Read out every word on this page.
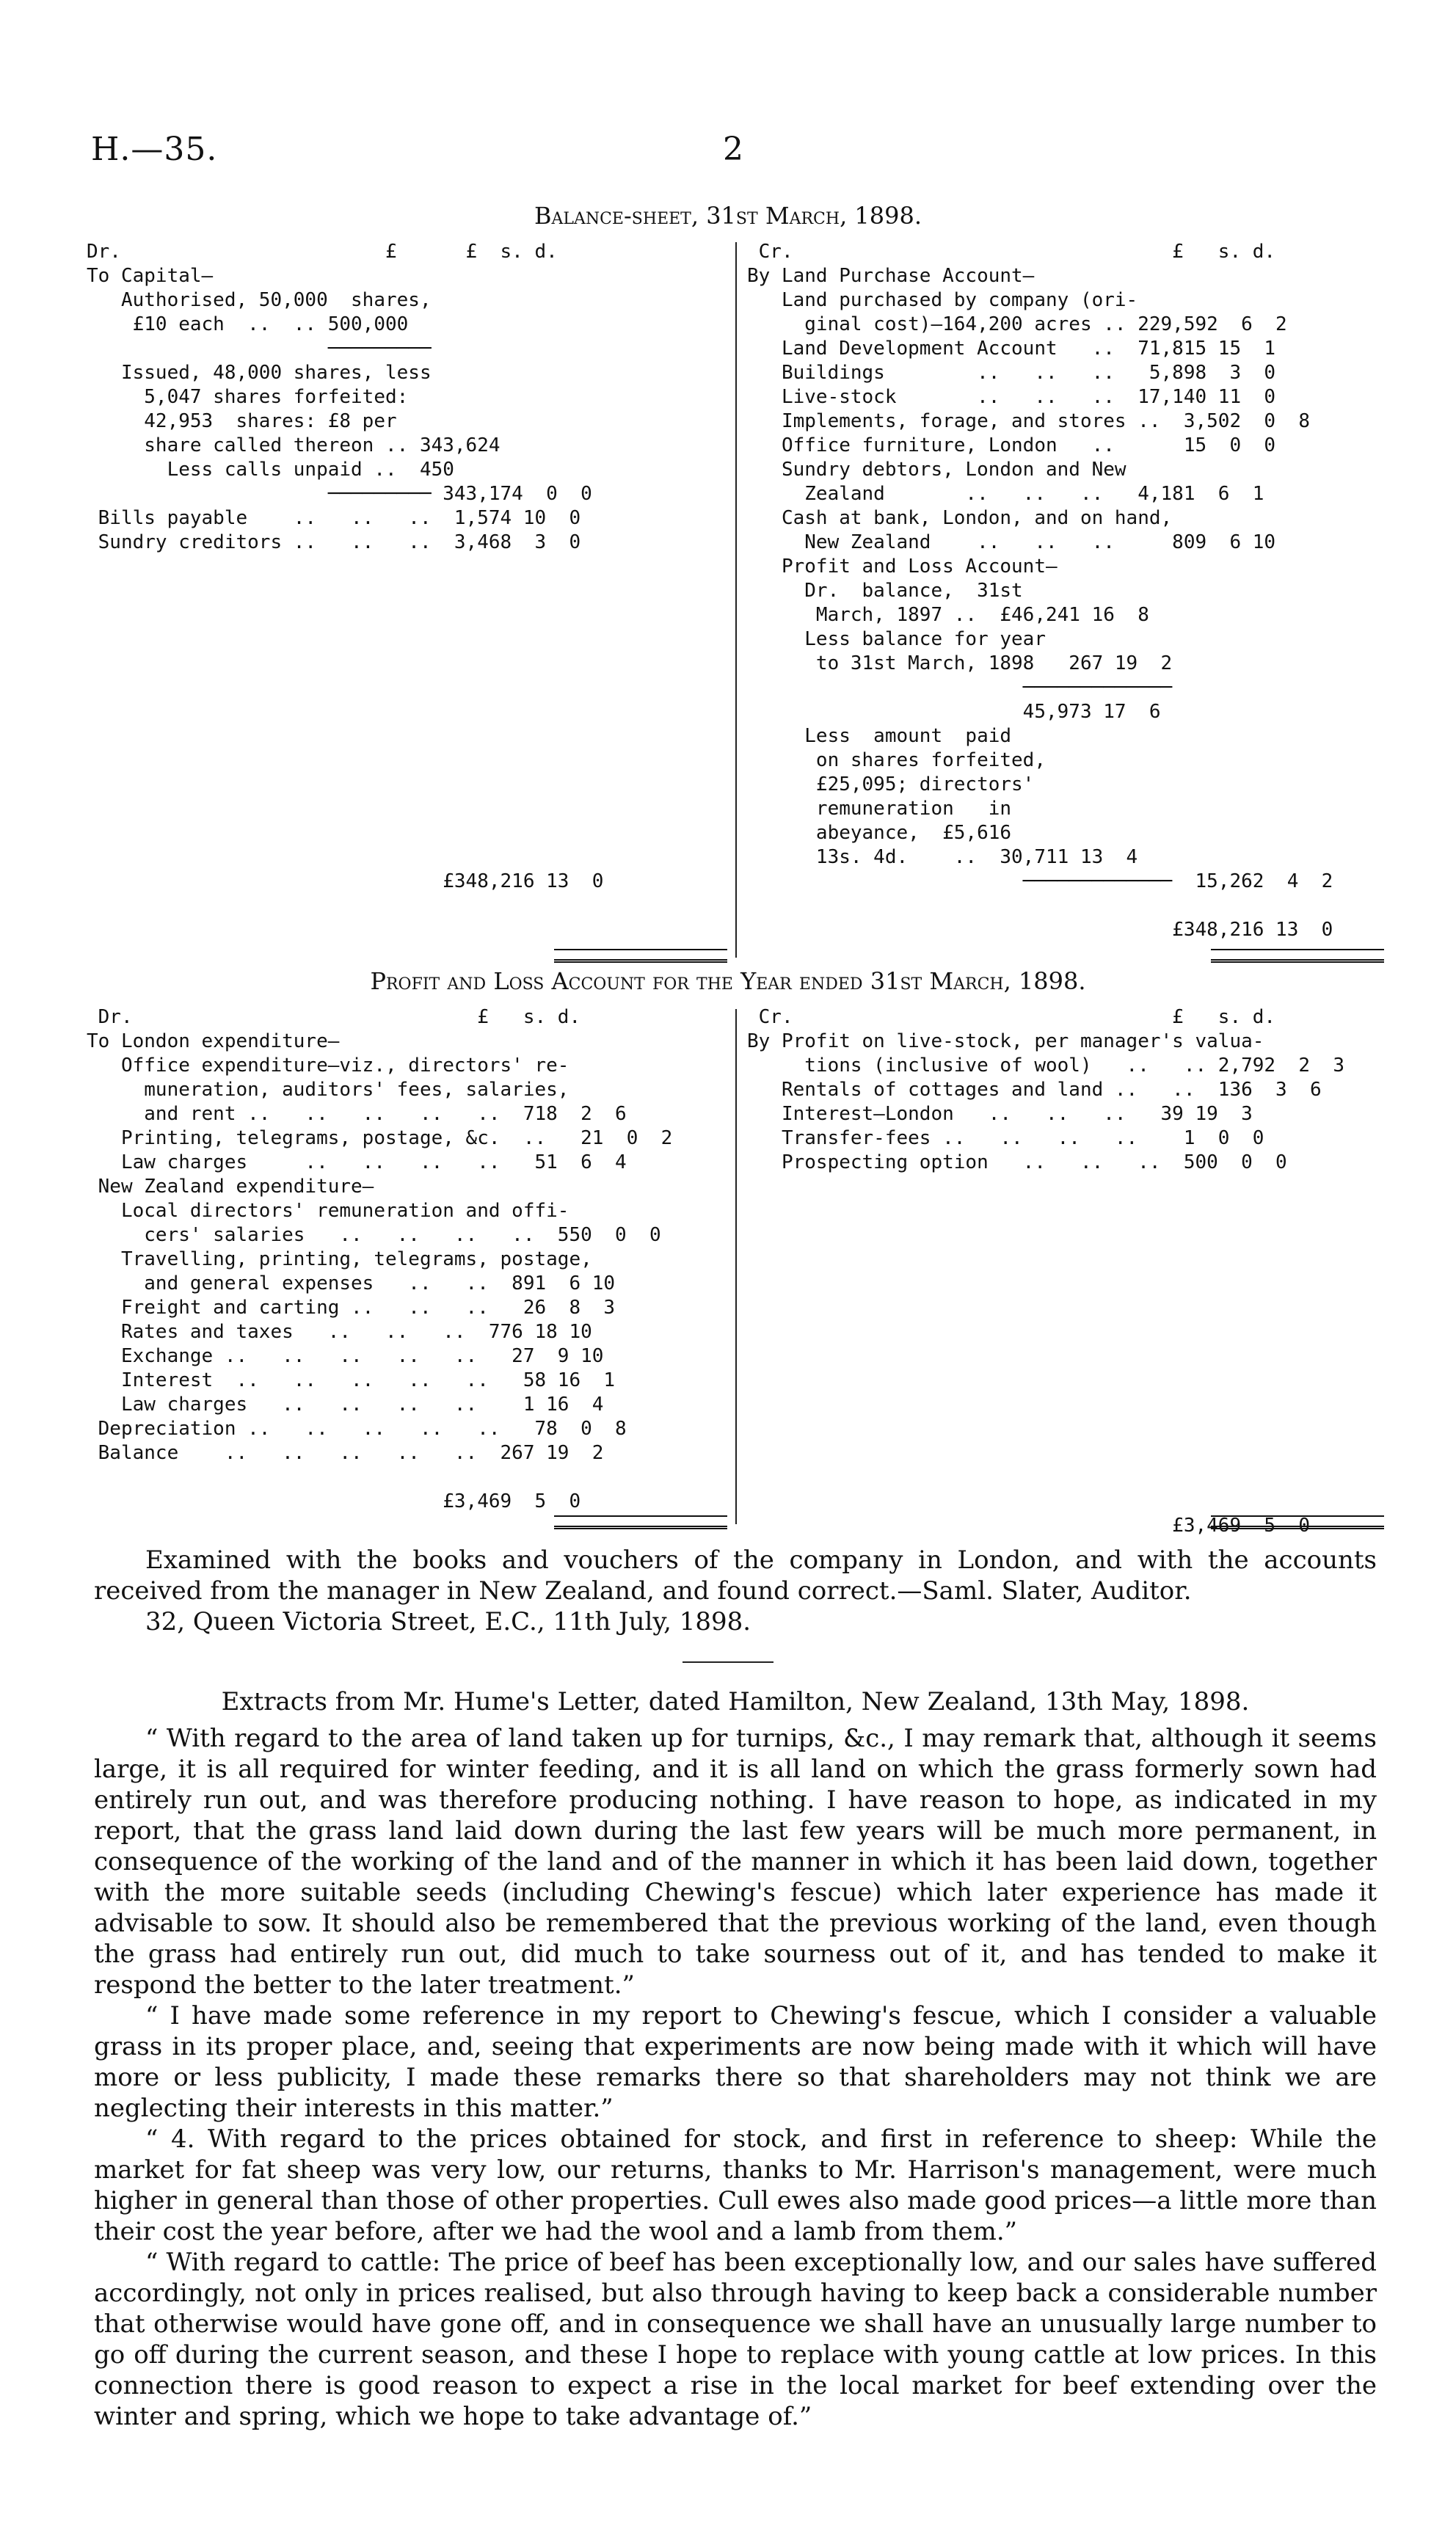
H.—35.	2
Balance-sheet, 31st March, 1898.
Dr.                       £      £  s. d.
To Capital—
Authorised, 50,000  shares,
£10 each  ..  .. 500,000
─────────
Issued, 48,000 shares, less
5,047 shares forfeited:
42,953  shares: £8 per
share called thereon .. 343,624
Less calls unpaid ..  450
───────── 343,174  0  0
Bills payable    ..   ..   ..  1,574 10  0
Sundry creditors ..   ..   ..  3,468  3  0

£348,216 13  0
Cr.                                 £   s. d.
By Land Purchase Account—
Land purchased by company (ori-
ginal cost)—164,200 acres .. 229,592  6  2
Land Development Account   ..  71,815 15  1
Buildings        ..   ..   ..   5,898  3  0
Live-stock       ..   ..   ..  17,140 11  0
Implements, forage, and stores ..  3,502  0  8
Office furniture, London   ..      15  0  0
Sundry debtors, London and New
Zealand       ..   ..   ..   4,181  6  1
Cash at bank, London, and on hand,
New Zealand    ..   ..   ..     809  6 10
Profit and Loss Account—
Dr.  balance,  31st
March, 1897 ..  £46,241 16  8
Less balance for year
to 31st March, 1898   267 19  2
─────────────
45,973 17  6
Less  amount  paid
on shares forfeited,
£25,095; directors'
remuneration   in
abeyance,  £5,616
13s. 4d.    ..  30,711 13  4
─────────────  15,262  4  2

£348,216 13  0
Profit and Loss Account for the Year ended 31st March, 1898.
Dr.                              £   s. d.
To London expenditure—
Office expenditure—viz., directors' re-
muneration, auditors' fees, salaries,
and rent ..   ..   ..   ..   ..  718  2  6
Printing, telegrams, postage, &c.  ..   21  0  2
Law charges     ..   ..   ..   ..   51  6  4
New Zealand expenditure—
Local directors' remuneration and offi-
cers' salaries   ..   ..   ..   ..  550  0  0
Travelling, printing, telegrams, postage,
and general expenses   ..   ..  891  6 10
Freight and carting ..   ..   ..   26  8  3
Rates and taxes   ..   ..   ..  776 18 10
Exchange ..   ..   ..   ..   ..   27  9 10
Interest  ..   ..   ..   ..   ..   58 16  1
Law charges   ..   ..   ..   ..    1 16  4
Depreciation ..   ..   ..   ..   ..   78  0  8
Balance    ..   ..   ..   ..   ..  267 19  2

£3,469  5  0
Cr.                                 £   s. d.
By Profit on live-stock, per manager's valua-
tions (inclusive of wool)   ..   .. 2,792  2  3
Rentals of cottages and land ..   ..  136  3  6
Interest—London   ..   ..   ..   39 19  3
Transfer-fees ..   ..   ..   ..    1  0  0
Prospecting option   ..   ..   ..  500  0  0

£3,469  5  0

Examined with the books and vouchers of the company in London, and with the accounts received from the manager in New Zealand, and found correct.—Saml. Slater, Auditor.

32, Queen Victoria Street, E.C., 11th July, 1898.

Extracts from Mr. Hume's Letter, dated Hamilton, New Zealand, 13th May, 1898.

“ With regard to the area of land taken up for turnips, &c., I may remark that, although it seems large, it is all required for winter feeding, and it is all land on which the grass formerly sown had entirely run out, and was therefore producing nothing. I have reason to hope, as indicated in my report, that the grass land laid down during the last few years will be much more permanent, in consequence of the working of the land and of the manner in which it has been laid down, together with the more suitable seeds (including Chewing's fescue) which later experience has made it advisable to sow. It should also be remembered that the previous working of the land, even though the grass had entirely run out, did much to take sourness out of it, and has tended to make it respond the better to the later treatment.”

“ I have made some reference in my report to Chewing's fescue, which I consider a valuable grass in its proper place, and, seeing that experiments are now being made with it which will have more or less publicity, I made these remarks there so that shareholders may not think we are neglecting their interests in this matter.”

“ 4. With regard to the prices obtained for stock, and first in reference to sheep: While the market for fat sheep was very low, our returns, thanks to Mr. Harrison's management, were much higher in general than those of other properties. Cull ewes also made good prices—a little more than their cost the year before, after we had the wool and a lamb from them.”

“ With regard to cattle: The price of beef has been exceptionally low, and our sales have suffered accordingly, not only in prices realised, but also through having to keep back a considerable number that otherwise would have gone off, and in consequence we shall have an unusually large number to go off during the current season, and these I hope to replace with young cattle at low prices. In this connection there is good reason to expect a rise in the local market for beef extending over the winter and spring, which we hope to take advantage of.”
